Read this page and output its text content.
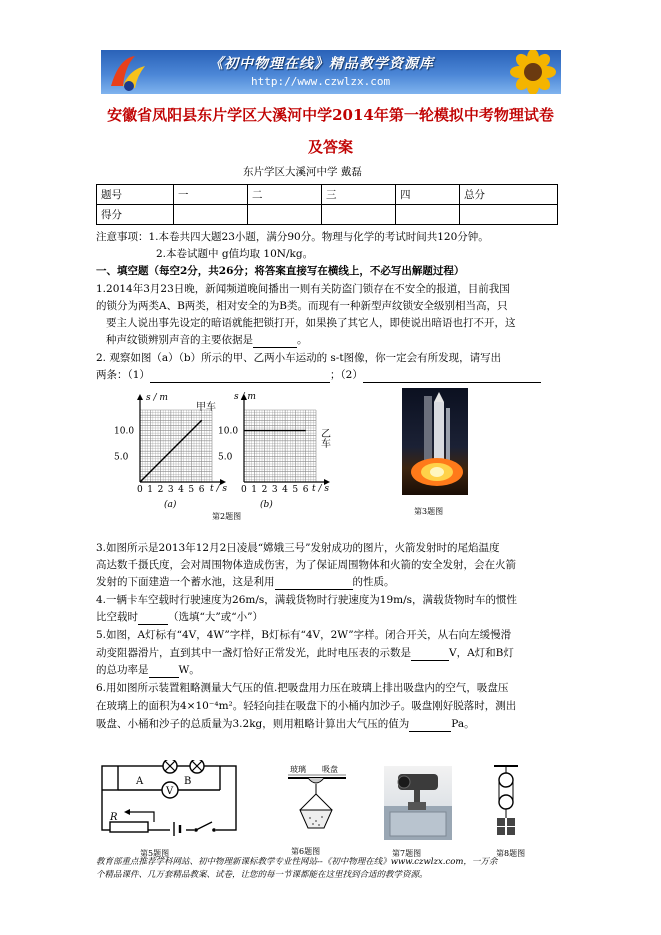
《初中物理在线》精品教学资源库
http://www.czwlzx.com
安徽省凤阳县东片学区大溪河中学2014年第一轮模拟中考物理试卷
及答案
东片学区大溪河中学 戴磊
题号	一	二	三	四	总分
得分					
注意事项：1.本卷共四大题23小题，满分90分。物理与化学的考试时间共120分钟。
2.本卷试题中 g值均取 10N/kg。
一、填空题（每空2分，共26分；将答案直接写在横线上，不必写出解题过程）
1.2014年3月23日晚，新闻频道晚间播出一则有关防盗门锁存在不安全的报道，目前我国
的锁分为两类A、B两类，相对安全的为B类。而现有一种新型声纹锁安全级别相当高，只
要主人说出事先设定的暗语就能把锁打开，如果换了其它人，即使说出暗语也打不开，这
种声纹锁辨别声音的主要依据是	。
2. 观察如图（a）（b）所示的甲、乙两小车运动的 s-t图像，你一定会有所发现，请写出
两条：（1）	；（2）
10.0
5.0
0 1 2 3 4 5 6
10.0
5.0
0 1 2 3 4 5 6
s / m	s / m
t / s	t / s
(a)	(b)
甲车
乙车
第2题图
第3题图
3.如图所示是2013年12月2日凌晨“嫦娥三号”发射成功的图片，火箭发射时的尾焰温度
高达数千摄氏度，会对周围物体造成伤害，为了保证周围物体和火箭的安全发射，会在火箭
发射的下面建造一个蓄水池，这是利用	的性质。
4.一辆卡车空载时行驶速度为26m/s，满载货物时行驶速度为19m/s，满载货物时车的惯性
比空载时	（选填“大”或“小”）
5.如图，A灯标有“4V，4W”字样，B灯标有“4V，2W”字样。闭合开关，从右向左缓慢滑
动变阻器滑片，直到其中一盏灯恰好正常发光，此时电压表的示数是	V，A灯和B灯
的总功率是	W。
6.用如图所示装置粗略测量大气压的值.把吸盘用力压在玻璃上排出吸盘内的空气，吸盘压
在玻璃上的面积为4×10⁻⁴m²。轻轻向挂在吸盘下的小桶内加沙子。吸盘刚好脱落时，测出
吸盘、小桶和沙子的总质量为3.2kg，则用粗略计算出大气压的值为	Pa。
V
A	B
R
第5题图
玻璃 吸盘
第6题图	第7题图	第8题图
教育部重点推荐学科网站、初中物理新课标教学专业性网站--《初中物理在线》www.czwlzx.com，一万余
个精品课件、几万套精品教案、试卷，让您的每一节课都能在这里找到合适的教学资源。
